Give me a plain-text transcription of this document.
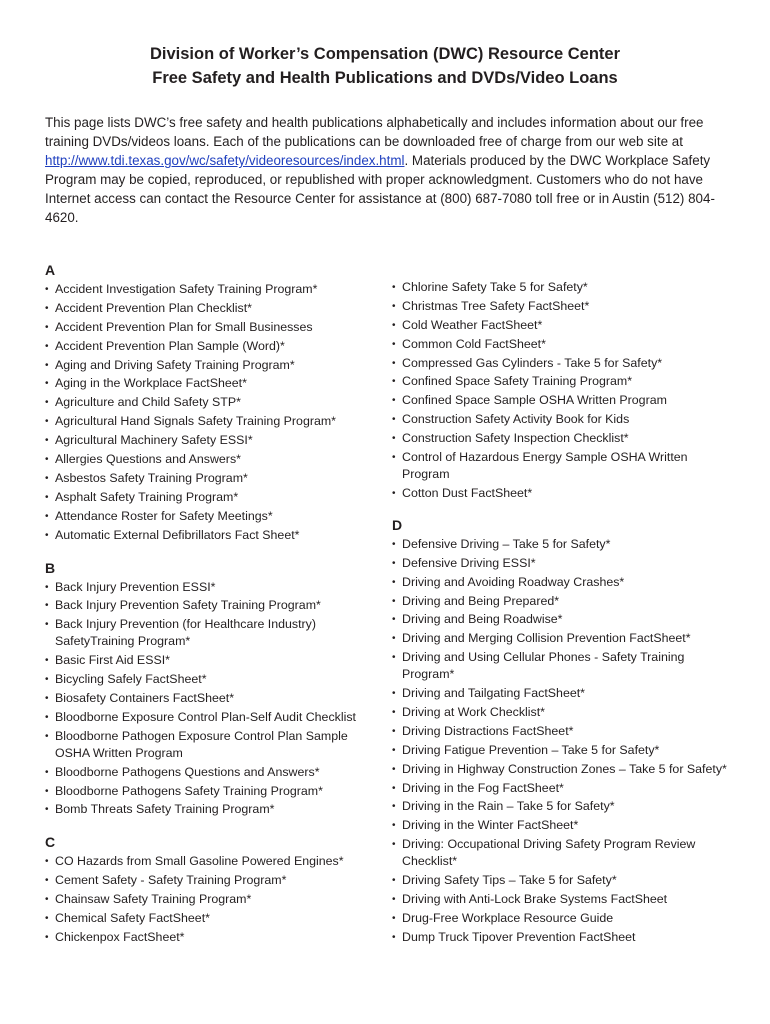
Division of Worker’s Compensation (DWC) Resource Center
Free Safety and Health Publications and DVDs/Video Loans
This page lists DWC’s free safety and health publications alphabetically and includes information about our free training DVDs/videos loans. Each of the publications can be downloaded free of charge from our web site at http://www.tdi.texas.gov/wc/safety/videoresources/index.html. Materials produced by the DWC Workplace Safety Program may be copied, reproduced, or republished with proper acknowledgment. Customers who do not have Internet access can contact the Resource Center for assistance at (800) 687-7080 toll free or in Austin (512) 804-4620.
A
• Accident Investigation Safety Training Program*
• Accident Prevention Plan Checklist*
• Accident Prevention Plan for Small Businesses
• Accident Prevention Plan Sample (Word)*
• Aging and Driving Safety Training Program*
• Aging in the Workplace FactSheet*
• Agriculture and Child Safety STP*
• Agricultural Hand Signals Safety Training Program*
• Agricultural Machinery Safety ESSI*
• Allergies Questions and Answers*
• Asbestos Safety Training Program*
• Asphalt Safety Training Program*
• Attendance Roster for Safety Meetings*
• Automatic External Defibrillators Fact Sheet*
B
• Back Injury Prevention ESSI*
• Back Injury Prevention Safety Training Program*
• Back Injury Prevention (for Healthcare Industry) SafetyTraining Program*
• Basic First Aid ESSI*
• Bicycling Safely FactSheet*
• Biosafety Containers FactSheet*
• Bloodborne Exposure Control Plan-Self Audit Checklist
• Bloodborne Pathogen Exposure Control Plan Sample OSHA Written Program
• Bloodborne Pathogens Questions and Answers*
• Bloodborne Pathogens Safety Training Program*
• Bomb Threats Safety Training Program*
C
• CO Hazards from Small Gasoline Powered Engines*
• Cement Safety - Safety Training Program*
• Chainsaw Safety Training Program*
• Chemical Safety FactSheet*
• Chickenpox FactSheet*
• Chlorine Safety Take 5 for Safety*
• Christmas Tree Safety FactSheet*
• Cold Weather FactSheet*
• Common Cold FactSheet*
• Compressed Gas Cylinders - Take 5 for Safety*
• Confined Space Safety Training Program*
• Confined Space Sample OSHA Written Program
• Construction Safety Activity Book for Kids
• Construction Safety Inspection Checklist*
• Control of Hazardous Energy Sample OSHA Written Program
• Cotton Dust FactSheet*
D
• Defensive Driving – Take 5 for Safety*
• Defensive Driving ESSI*
• Driving and Avoiding Roadway Crashes*
• Driving and Being Prepared*
• Driving and Being Roadwise*
• Driving and Merging Collision Prevention FactSheet*
• Driving and Using Cellular Phones - Safety Training Program*
• Driving and Tailgating FactSheet*
• Driving at Work Checklist*
• Driving Distractions FactSheet*
• Driving Fatigue Prevention – Take 5 for Safety*
• Driving in Highway Construction Zones – Take 5 for Safety*
• Driving in the Fog FactSheet*
• Driving in the Rain – Take 5 for Safety*
• Driving in the Winter FactSheet*
• Driving: Occupational Driving Safety Program Review Checklist*
• Driving Safety Tips – Take 5 for Safety*
• Driving with Anti-Lock Brake Systems FactSheet
• Drug-Free Workplace Resource Guide
• Dump Truck Tipover Prevention FactSheet
